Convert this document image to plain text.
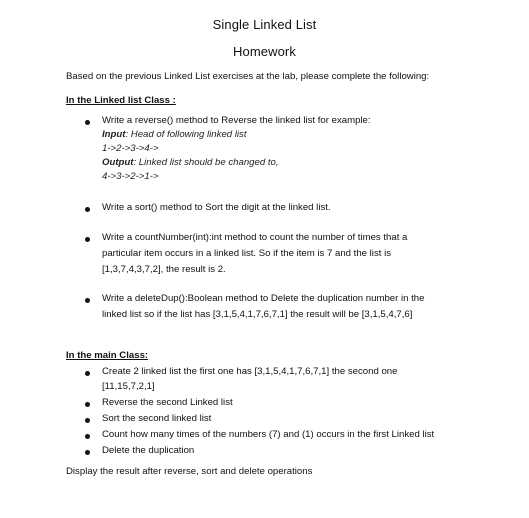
Single Linked List
Homework
Based on the previous Linked List exercises at the lab, please complete the following:
In the Linked list Class :
Write a reverse() method to Reverse the linked list for example:
Input: Head of following linked list
1->2->3->4->
Output: Linked list should be changed to,
4->3->2->1->
Write a sort() method to Sort the digit at the linked list.
Write a countNumber(int):int method to count the number of times that a
particular item occurs in a linked list. So if the item is 7 and the list is
[1,3,7,4,3,7,2], the result is 2.
Write a deleteDup():Boolean method to Delete the duplication number in the
linked list so if the list has [3,1,5,4,1,7,6,7,1] the result will be [3,1,5,4,7,6]
In the main Class:
Create 2 linked list the first one has [3,1,5,4,1,7,6,7,1] the second one
[11,15,7,2,1]
Reverse the second Linked list
Sort the second linked list
Count how many times of the numbers (7) and (1) occurs in the first Linked list
Delete the duplication
Display the result after reverse, sort and delete operations
